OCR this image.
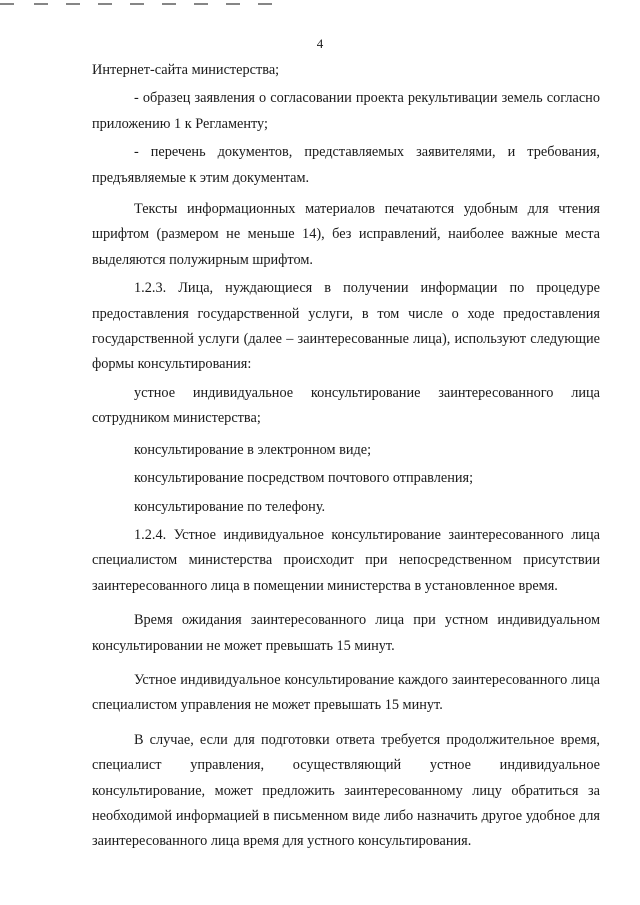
4

Интернет-сайта министерства;

- образец заявления о согласовании проекта рекультивации земель согласно приложению 1 к Регламенту;

- перечень документов, представляемых заявителями, и требования, предъявляемые к этим документам.

Тексты информационных материалов печатаются удобным для чтения шрифтом (размером не меньше 14), без исправлений, наиболее важные места выделяются полужирным шрифтом.

1.2.3. Лица, нуждающиеся в получении информации по процедуре предоставления государственной услуги, в том числе о ходе предоставления государственной услуги (далее – заинтересованные лица), используют следующие формы консультирования:

устное индивидуальное консультирование заинтересованного лица сотрудником министерства;

консультирование в электронном виде;

консультирование посредством почтового отправления;

консультирование по телефону.

1.2.4. Устное индивидуальное консультирование заинтересованного лица специалистом министерства происходит при непосредственном присутствии заинтересованного лица в помещении министерства в установленное время.

Время ожидания заинтересованного лица при устном индивидуальном консультировании не может превышать 15 минут.

Устное индивидуальное консультирование каждого заинтересованного лица специалистом управления не может превышать 15 минут.

В случае, если для подготовки ответа требуется продолжительное время, специалист управления, осуществляющий устное индивидуальное консультирование, может предложить заинтересованному лицу обратиться за необходимой информацией в письменном виде либо назначить другое удобное для заинтересованного лица время для устного консультирования.
